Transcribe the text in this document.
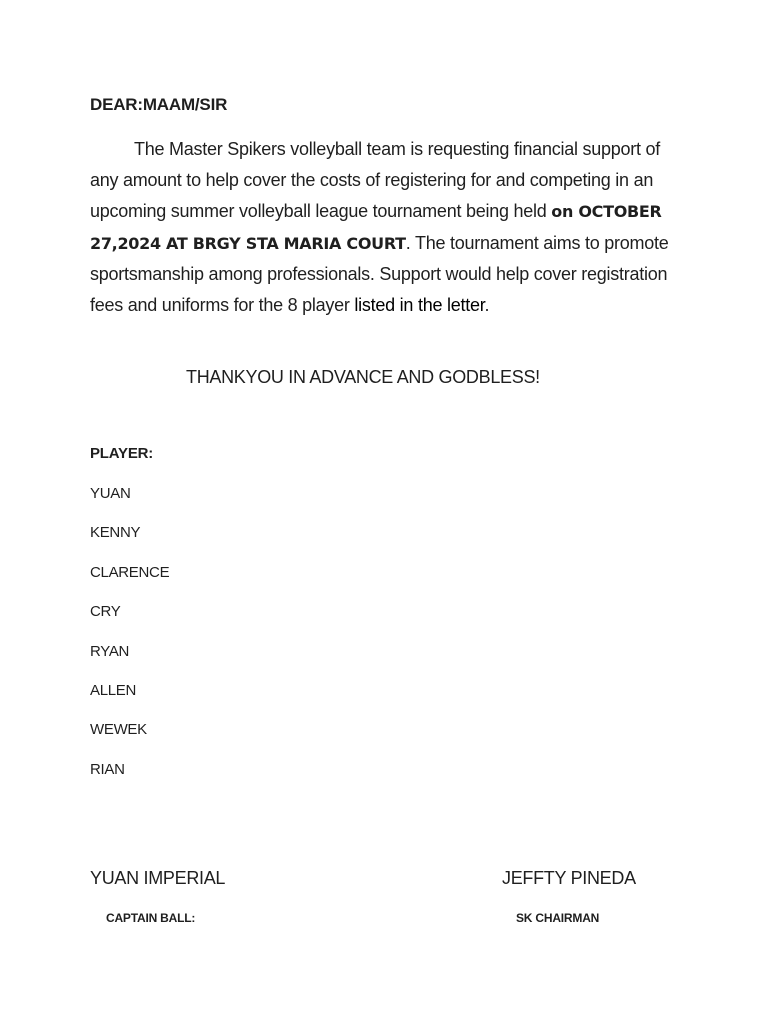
DEAR:MAAM/SIR

The Master Spikers volleyball team is requesting financial support of any amount to help cover the costs of registering for and competing in an upcoming summer volleyball league tournament being held on OCTOBER 27,2024 AT BRGY STA MARIA COURT. The tournament aims to promote sportsmanship among professionals. Support would help cover registration fees and uniforms for the 8 player listed in the letter.

THANKYOU IN ADVANCE AND GODBLESS!
PLAYER:
YUAN
KENNY
CLARENCE
CRY
RYAN
ALLEN
WEWEK
RIAN
YUAN IMPERIAL
CAPTAIN BALL:
JEFFTY PINEDA
SK CHAIRMAN
